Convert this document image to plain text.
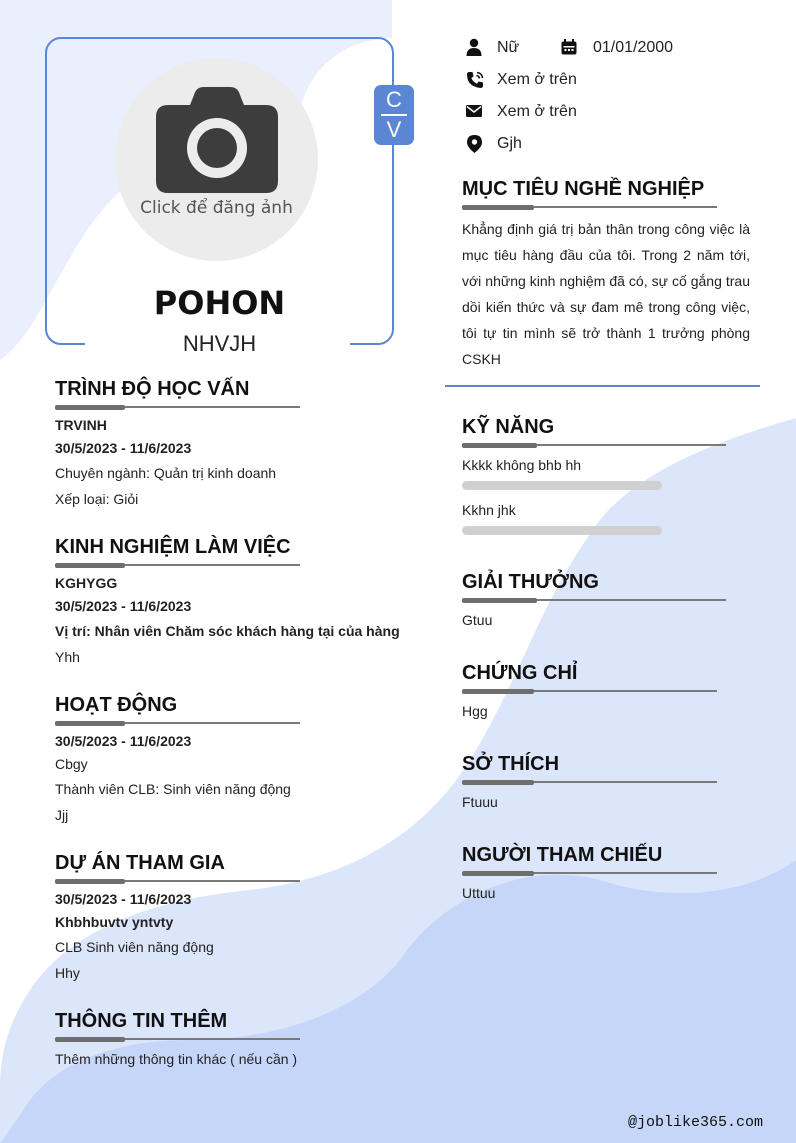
Click để đăng ảnh
POHON
NHVJH
C
V
Nữ	01/01/2000
Xem ở trên
Xem ở trên
Gjh
MỤC TIÊU NGHỀ NGHIỆP
Khẳng định giá trị bản thân trong công việc là mục tiêu hàng đầu của tôi. Trong 2 năm tới, với những kinh nghiệm đã có, sự cố gắng trau dồi kiến thức và sự đam mê trong công việc, tôi tự tin mình sẽ trở thành 1 trưởng phòng CSKH
TRÌNH ĐỘ HỌC VẤN
TRVINH
30/5/2023 - 11/6/2023
Chuyên ngành: Quản trị kinh doanh
Xếp loại: Giỏi
KINH NGHIỆM LÀM VIỆC
KGHYGG
30/5/2023 - 11/6/2023
Vị trí: Nhân viên Chăm sóc khách hàng tại của hàng
Yhh
HOẠT ĐỘNG
30/5/2023 - 11/6/2023
Cbgy
Thành viên CLB: Sinh viên năng động
Jjj
DỰ ÁN THAM GIA
30/5/2023 - 11/6/2023
Khbhbuvtv yntvty
CLB Sinh viên năng động
Hhy
THÔNG TIN THÊM
Thêm những thông tin khác ( nếu cần )
KỸ NĂNG
Kkkk không bhb hh
Kkhn jhk
GIẢI THƯỞNG
Gtuu
CHỨNG CHỈ
Hgg
SỞ THÍCH
Ftuuu
NGƯỜI THAM CHIẾU
Uttuu
@joblike365.com
